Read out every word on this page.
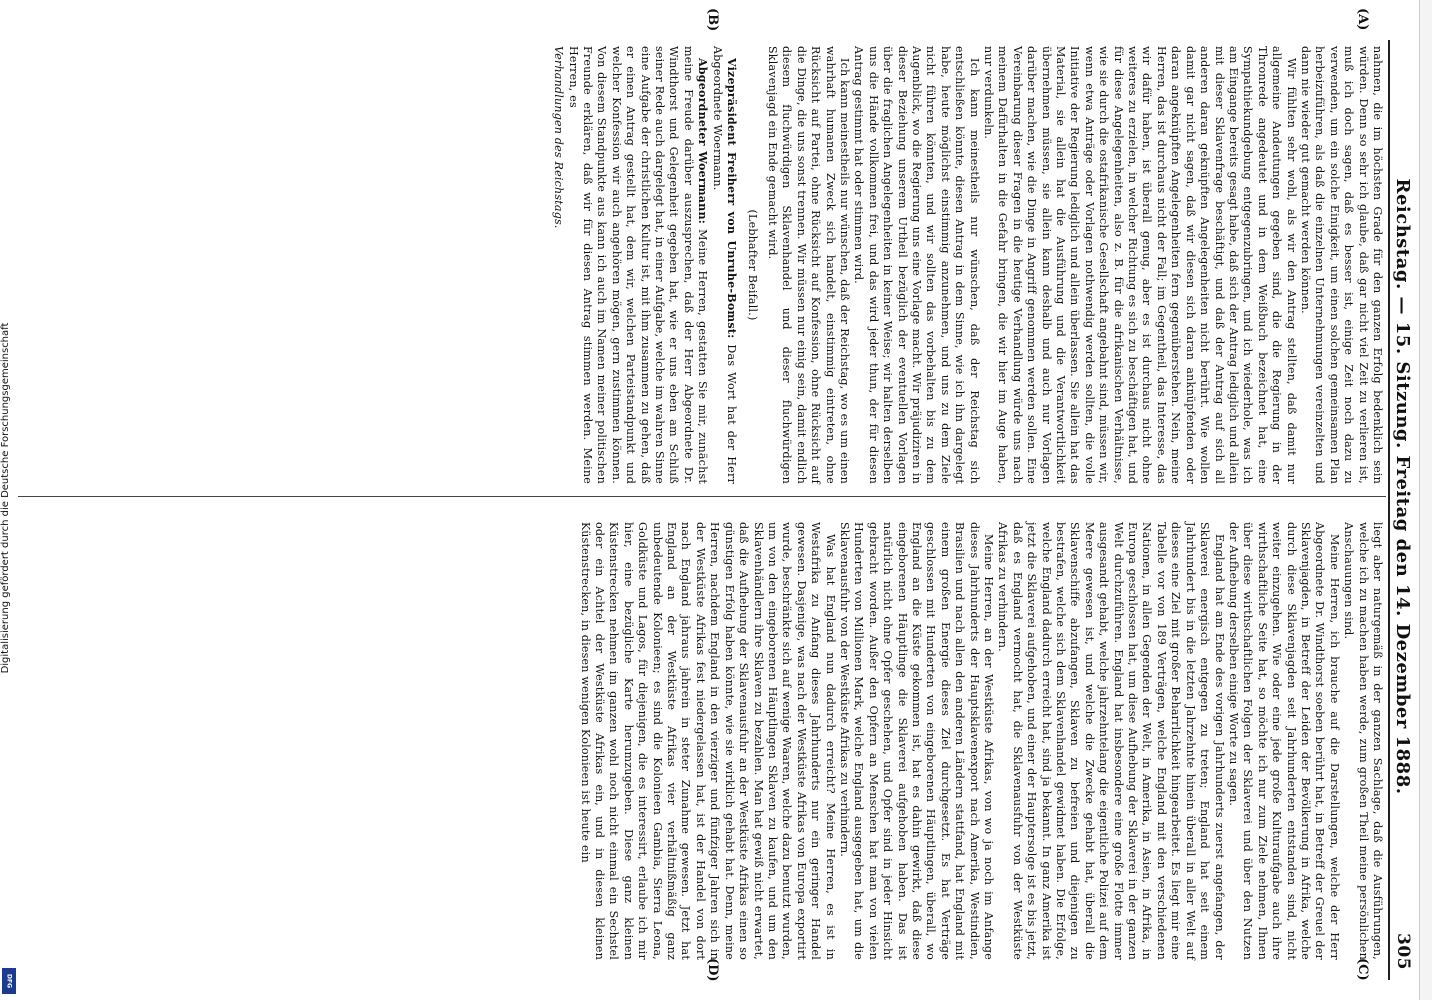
Reichstag. — 15. Sitzung. Freitag den 14. Dezember 1888.
305
(A)
(B)
(C)
(D)

nahmen, die im höchsten Grade für den ganzen Erfolg bedenklich sein würden. Denn so sehr ich glaube, daß gar nicht viel Zeit zu verlieren ist, muß ich doch sagen, daß es besser ist, einige Zeit noch dazu zu verwenden, um ein solche Einigkeit, um einen solchen gemeinsamen Plan herbeizuführen, als daß die einzelnen Unternehmungen vereinzelten und dann nie wieder gut gemacht werden können.

Wir fühlten sehr wohl, als wir den Antrag stellten, daß damit nur allgemeine Andeutungen gegeben sind, die die Regierung in der Thronrede angedeutet und in dem Weißbuch bezeichnet hat, eine Sympathiekundgebung entgegenzubringen, und ich wiederhole, was ich am Eingange bereits gesagt habe, daß sich der Antrag lediglich und allein mit dieser Sklavenfrage beschäftigt, und daß der Antrag auf sich all anderen daran geknüpften Angelegenheiten nicht berührt. Wie wollen damit gar nicht sagen, daß wir diesen sich daran anknüpfenden oder daran angeknüpften Angelegenheiten fern gegenüberstehen. Nein, meine Herren, das ist durchaus nicht der Fall; im Gegentheil, das Interesse, das wir dafür haben, ist überall genug, aber es ist durchaus nicht ohne weiteres zu erzielen, in welcher Richtung es sich zu beschäftigen hat, und für diese Angelegenheiten, also z. B. für die afrikanischen Verhältnisse, wie sie durch die ostafrikanische Gesellschaft angebahnt sind, müssen wir, wenn etwa Anträge oder Vorlagen nothwendig werden sollten, die volle Initiative der Regierung lediglich und allein überlassen. Sie allein hat das Material, sie allein hat die Ausführung und die Verantwortlichkeit übernehmen müssen, sie allein kann deshalb und auch nur Vorlagen darüber machen, wie die Dinge in Angriff genommen werden sollen. Eine Vereinbarung dieser Fragen in die heutige Verhandlung würde uns nach meinem Dafürhalten in die Gefahr bringen, die wir hier im Auge haben, nur verdunkeln.

Ich kann meinestheils nur wünschen, daß der Reichstag sich entschließen könnte, diesen Antrag in dem Sinne, wie ich ihn dargelegt habe, heute möglichst einstimmig anzunehmen, und uns zu dem Ziele nicht führen könnten, und wir sollten das vorbehalten bis zu dem Augenblick, wo die Regierung uns eine Vorlage macht. Wir präjudiziren in dieser Beziehung unserem Urtheil bezüglich der eventuellen Vorlagen über die fraglichen Angelegenheiten in keiner Weise; wir halten derselben uns die Hände vollkommen frei, und das wird jeder thun, der für diesen Antrag gestimmt hat oder stimmen wird.

Ich kann meinestheils nur wünschen, daß der Reichstag, wo es um einen wahrhaft humanen Zweck sich handelt, einstimmig eintreten, ohne Rücksicht auf Partei, ohne Rücksicht auf Konfession, ohne Rücksicht auf die Dinge, die uns sonst trennen. Wir müssen nur einig sein, damit endlich diesem fluchwürdigen Sklavenhandel und dieser fluchwürdigen Sklavenjagd ein Ende gemacht wird.

(Lebhafter Beifall.)

Vizepräsident Freiherr von Unruhe-Bomst: Das Wort hat der Herr Abgeordnete Woermann.

Abgeordneter Woermann: Meine Herren, gestatten Sie mir, zunächst meine Freude darüber auszusprechen, daß der Herr Abgeordnete Dr. Windthorst und Gelegenheit gegeben hat, wie er uns eben am Schluß seiner Rede auch dargelegt hat, in einer Aufgabe, welche im wahren Sinne eine Aufgabe der christlichen Kultur ist, mit ihm zusammen zu gehen, daß er einen Antrag gestellt hat, dem wir, welchen Parteistandpunkt und welcher Konfession wir auch angehören mögen, gern zustimmen können. Von diesem Standpunkte aus kann ich auch im Namen meiner politischen Freunde erklären, daß wir für diesen Antrag stimmen werden. Meine Herren, es

Verhandlungen des Reichstags.

liegt aber naturgemäß in der ganzen Sachlage, daß die Ausführungen, welche ich zu machen haben werde, zum großen Theil meine persönlichen Anschauungen sind.

Meine Herren, ich brauche auf die Darstellungen, welche der Herr Abgeordnete Dr. Windthorst soeben berührt hat, in Betreff der Greuel der Sklavenjagden, in Betreff der Leiden der Bevölkerung in Afrika, welche durch diese Sklavenjagden seit Jahrhunderten entstanden sind, nicht weiter einzugehen. Wie oder eine jede große Kulturaufgabe auch ihre wirthschaftliche Seite hat, so möchte ich nur zum Ziele nehmen, Ihnen über diese wirthschaftlichen Folgen der Sklaverei und über den Nutzen der Aufhebung derselben einige Worte zu sagen.

England hat am Ende des vorigen Jahrhunderts zuerst angefangen, der Sklaverei energisch entgegen zu treten; England hat seit einem Jahrhundert bis in die letzten Jahrzehnte hinein überall in aller Welt auf dieses eine Ziel mit großer Beharrlichkeit hingearbeitet. Es liegt mir eine Tabelle vor von 189 Verträgen, welche England mit den verschiedenen Nationen, in allen Gegenden der Welt, in Amerika, in Asien, in Afrika, in Europa geschlossen hat, um diese Aufhebung der Sklaverei in der ganzen Welt durchzuführen. England hat insbesondere eine große Flotte immer ausgesandt gehabt, welche jahrzehntelang die eigentliche Polizei auf dem Meere gewesen ist, und welche die Zwecke gehabt hat, überall die Sklavenschiffe abzufangen, Sklaven zu befreien und diejenigen zu bestrafen, welche sich dem Sklavenhandel gewidmet haben. Die Erfolge, welche England dadurch erreicht hat, sind ja bekannt. In ganz Amerika ist jetzt die Sklaverei aufgehoben, und einer der Hauptersolge ist es bis jetzt, daß es England vermocht hat, die Sklavenausfuhr von der Westküste Afrikas zu verhindern.

Meine Herren, an der Westküste Afrikas, von wo ja noch im Anfange dieses Jahrhunderts der Hauptsklavenexport nach Amerika, Westindien, Brasilien und nach allen den anderen Ländern stattfand, hat England mit einem großen Energie dieses Ziel durchgesetzt. Es hat Verträge geschlossen mit Hunderten von eingeborenen Häuptlingen, überall, wo England an die Küste gekommen ist, hat es dahin gewirkt, daß diese eingeborenen Häuptlinge die Sklaverei aufgehoben haben. Das ist natürlich nicht ohne Opfer geschehen, und Opfer sind in jeder Hinsicht gebracht worden. Außer den Opfern an Menschen hat man von vielen Hunderten von Millionen Mark, welche England ausgegeben hat, um die Sklavenausfuhr von der Westküste Afrikas zu verhindern.

Was hat England nun dadurch erreicht? Meine Herren, es ist in Westafrika zu Anfang dieses Jahrhunderts nur ein geringer Handel gewesen. Dasjenige, was nach der Westküste Afrikas von Europa exportirt wurde, beschränkte sich auf wenige Waaren, welche dazu benutzt wurden, um von den eingeborenen Häuptlingen Sklaven zu kaufen, und um den Sklavenhändlern ihre Sklaven zu bezahlen. Man hat gewiß nicht erwartet, daß die Aufhebung der Sklavenausfuhr an der Westküste Afrikas einen so günstigen Erfolg haben könnte, wie sie wirklich gehabt hat. Denn, meine Herren, nachdem England in den vierziger und fünfziger Jahren sich in der Westküste Afrikas fest niedergelassen hat, ist der Handel von dort nach England jahraus jahrein in steter Zunahme gewesen. Jetzt hat England an der Westküste Afrikas vier verhältnißmäßig ganz unbedeutende Kolonieen; es sind die Kolonieen Gambia, Sierra Leona, Goldküste und Lagos, für diejenigen, die es interessirt, erlaube ich mir hier, eine bezügliche Karte herumzugeben. Diese ganz kleinen Küstenstrecken nehmen im ganzen wohl noch nicht einmal ein Sechstel oder ein Achtel der Westküste Afrikas ein, und in diesen kleinen Küstenstrecken, in diesen wenigen Kolonieen ist heute ein

Digitalisierung gefördert durch die Deutsche Forschungsgemeinschaft
DFG
